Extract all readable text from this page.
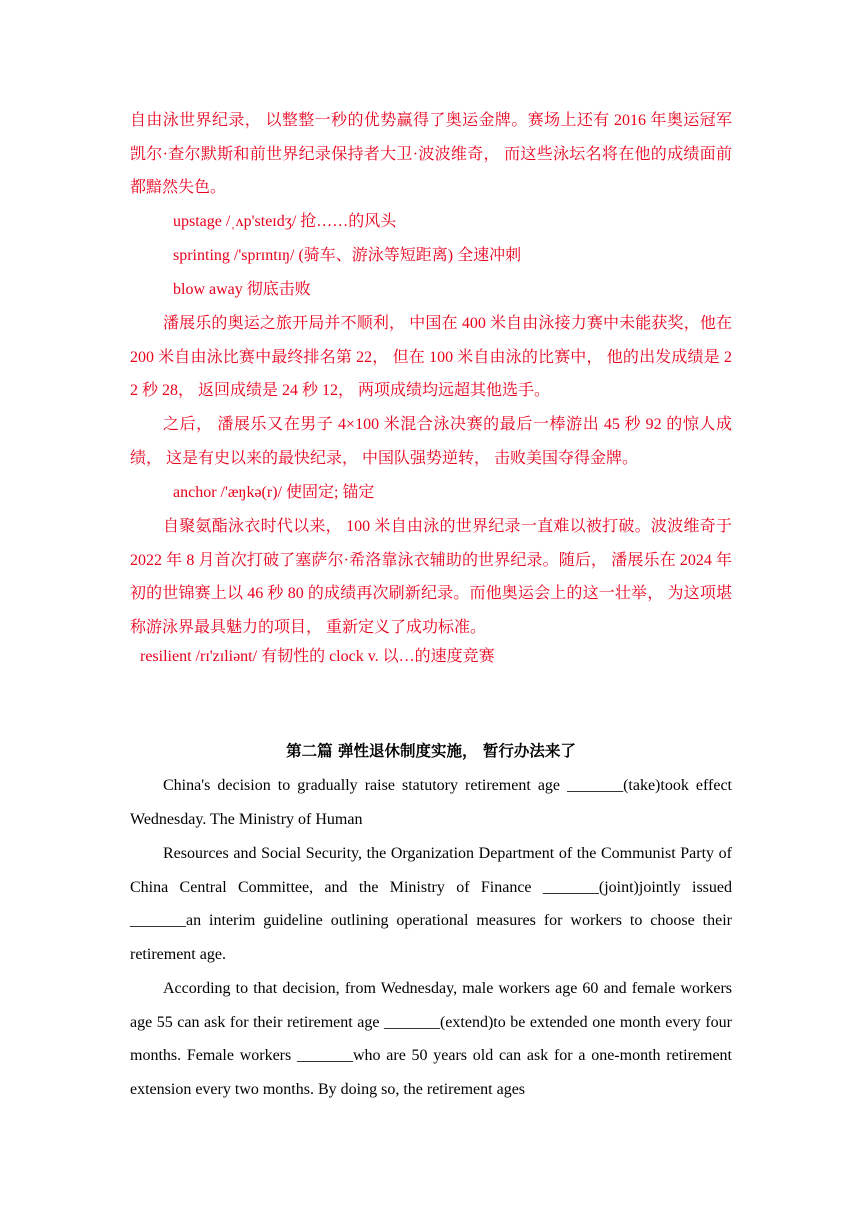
自由泳世界纪录， 以整整一秒的优势赢得了奥运金牌。赛场上还有 2016 年奥运冠军凯尔·查尔默斯和前世界纪录保持者大卫·波波维奇， 而这些泳坛名将在他的成绩面前都黯然失色。

upstage /ˌʌp'steɪdʒ/ 抢……的风头

sprinting /'sprɪntɪŋ/ (骑车、游泳等短距离) 全速冲刺

blow away 彻底击败

潘展乐的奥运之旅开局并不顺利， 中国在 400 米自由泳接力赛中未能获奖，他在 200 米自由泳比赛中最终排名第 22， 但在 100 米自由泳的比赛中， 他的出发成绩是 22 秒 28， 返回成绩是 24 秒 12， 两项成绩均远超其他选手。

之后， 潘展乐又在男子 4×100 米混合泳决赛的最后一棒游出 45 秒 92 的惊人成绩， 这是有史以来的最快纪录， 中国队强势逆转， 击败美国夺得金牌。

anchor /'æŋkə(r)/ 使固定; 锚定

自聚氨酯泳衣时代以来， 100 米自由泳的世界纪录一直难以被打破。波波维奇于 2022 年 8 月首次打破了塞萨尔·希洛靠泳衣辅助的世界纪录。随后， 潘展乐在 2024 年初的世锦赛上以 46 秒 80 的成绩再次刷新纪录。而他奥运会上的这一壮举， 为这项堪称游泳界最具魅力的项目， 重新定义了成功标准。

resilient /rɪ'zɪliənt/ 有韧性的 clock v. 以…的速度竞赛

第二篇 弹性退休制度实施， 暂行办法来了

China's decision to gradually raise statutory retirement age _______(take)took effect Wednesday. The Ministry of Human

Resources and Social Security, the Organization Department of the Communist Party of China Central Committee, and the Ministry of Finance _______(joint)jointly issued _______an interim guideline outlining operational measures for workers to choose their retirement age.

According to that decision, from Wednesday, male workers age 60 and female workers age 55 can ask for their retirement age _______(extend)to be extended one month every four months. Female workers _______who are 50 years old can ask for a one-month retirement extension every two months. By doing so, the retirement ages
